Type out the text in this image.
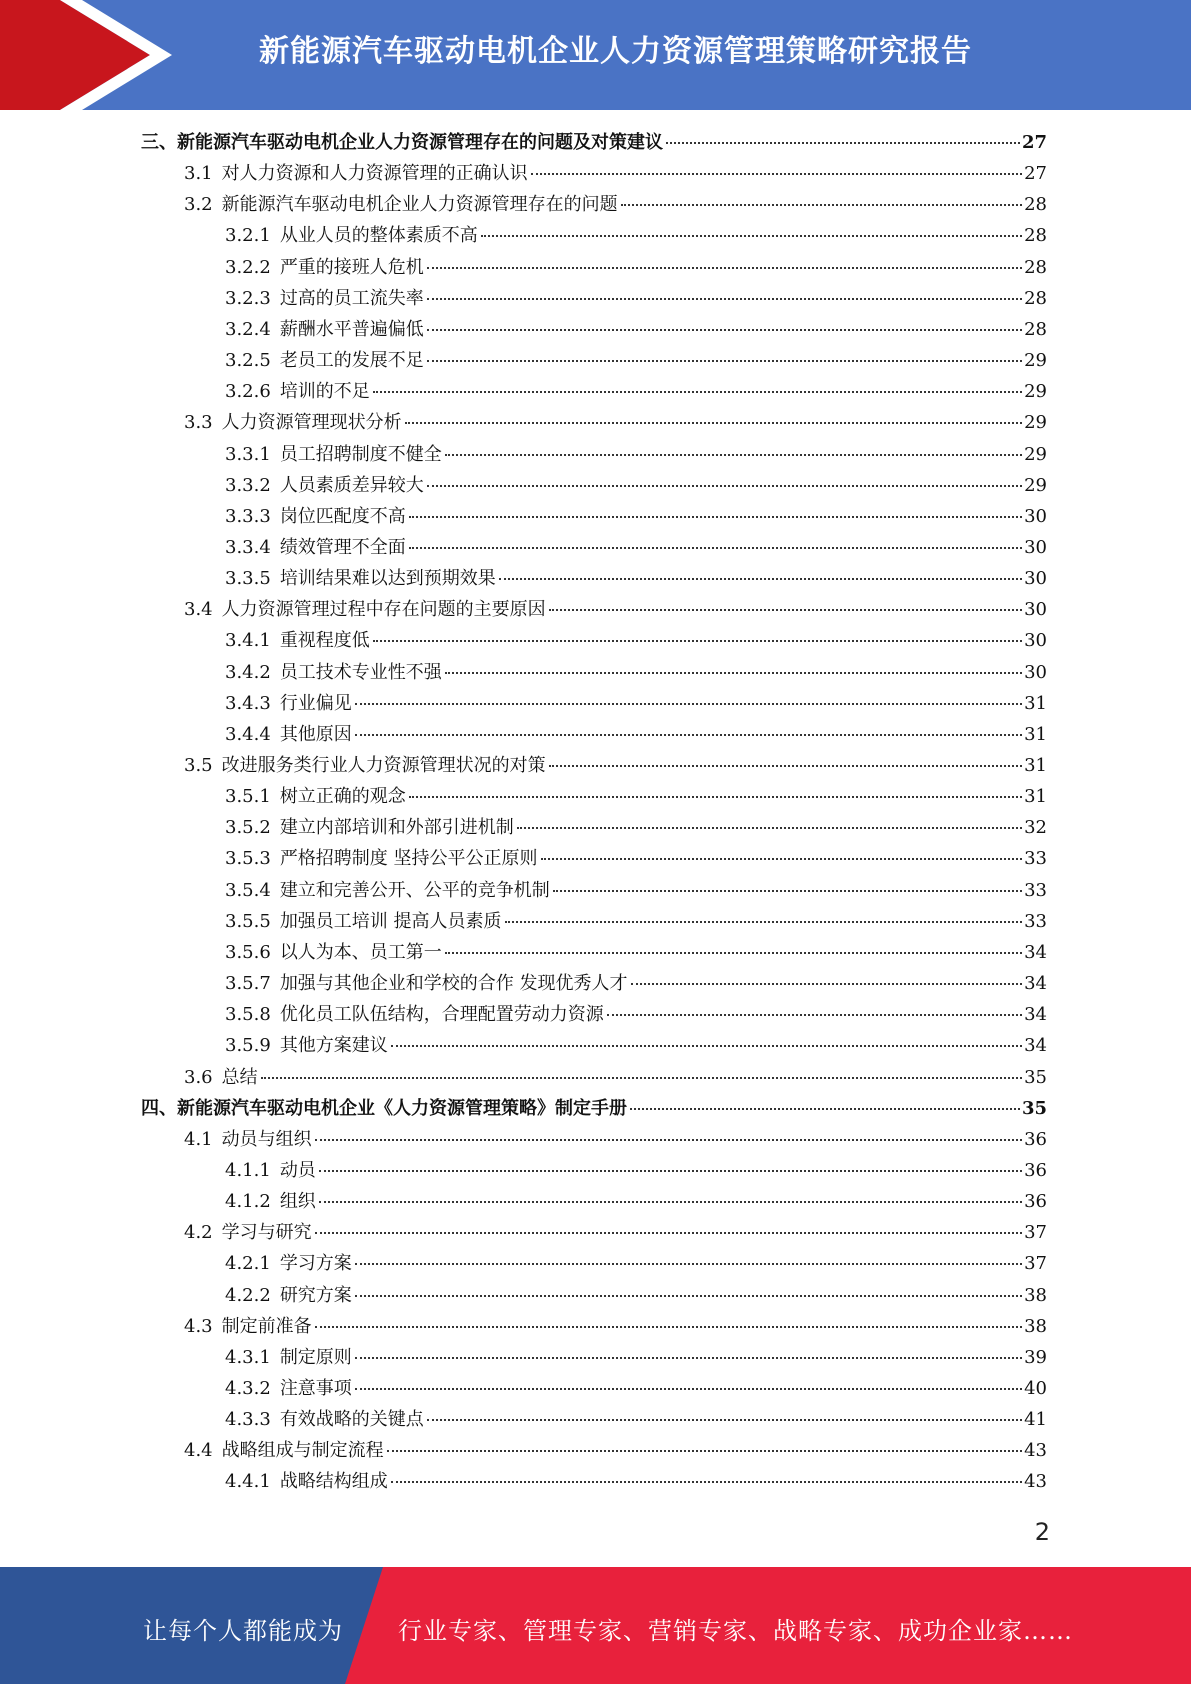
新能源汽车驱动电机企业人力资源管理策略研究报告
三、新能源汽车驱动电机企业人力资源管理存在的问题及对策建议	27
3.1 对人力资源和人力资源管理的正确认识	27
3.2 新能源汽车驱动电机企业人力资源管理存在的问题	28
3.2.1 从业人员的整体素质不高	28
3.2.2 严重的接班人危机	28
3.2.3 过高的员工流失率	28
3.2.4 薪酬水平普遍偏低	28
3.2.5 老员工的发展不足	29
3.2.6 培训的不足	29
3.3 人力资源管理现状分析	29
3.3.1 员工招聘制度不健全	29
3.3.2 人员素质差异较大	29
3.3.3 岗位匹配度不高	30
3.3.4 绩效管理不全面	30
3.3.5 培训结果难以达到预期效果	30
3.4 人力资源管理过程中存在问题的主要原因	30
3.4.1 重视程度低	30
3.4.2 员工技术专业性不强	30
3.4.3 行业偏见	31
3.4.4 其他原因	31
3.5 改进服务类行业人力资源管理状况的对策	31
3.5.1 树立正确的观念	31
3.5.2 建立内部培训和外部引进机制	32
3.5.3 严格招聘制度 坚持公平公正原则	33
3.5.4 建立和完善公开、公平的竞争机制	33
3.5.5 加强员工培训 提高人员素质	33
3.5.6 以人为本、员工第一	34
3.5.7 加强与其他企业和学校的合作 发现优秀人才	34
3.5.8 优化员工队伍结构，合理配置劳动力资源	34
3.5.9 其他方案建议	34
3.6 总结	35
四、新能源汽车驱动电机企业《人力资源管理策略》制定手册	35
4.1 动员与组织	36
4.1.1 动员	36
4.1.2 组织	36
4.2 学习与研究	37
4.2.1 学习方案	37
4.2.2 研究方案	38
4.3 制定前准备	38
4.3.1 制定原则	39
4.3.2 注意事项	40
4.3.3 有效战略的关键点	41
4.4 战略组成与制定流程	43
4.4.1 战略结构组成	43
2
让每个人都能成为 行业专家、管理专家、营销专家、战略专家、成功企业家……
